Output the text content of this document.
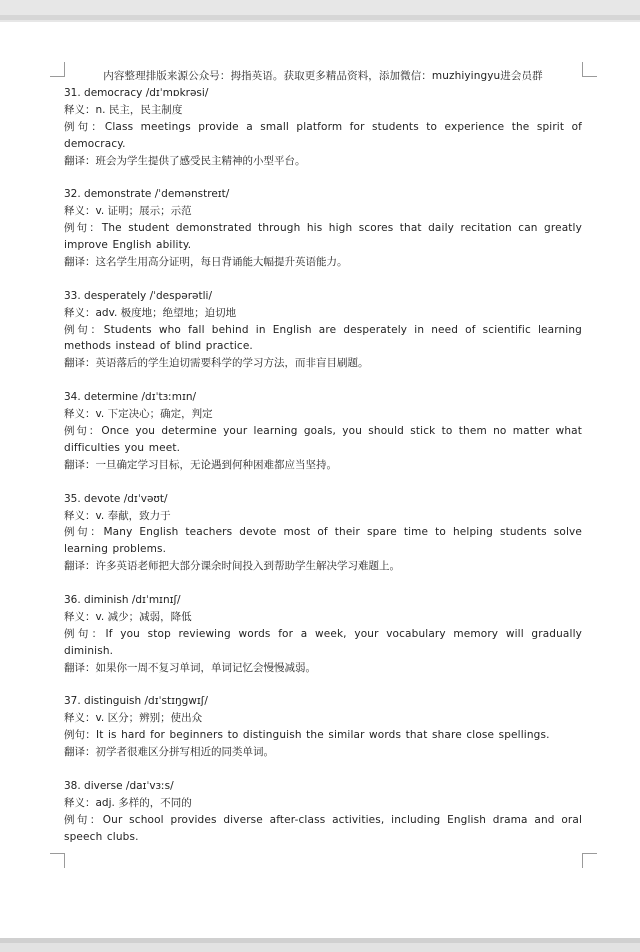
内容整理排版来源公众号：拇指英语。获取更多精品资料，添加微信：muzhiyingyu进会员群
31. democracy /dɪˈmɒkrəsi/
释义：n. 民主，民主制度
例句：Class meetings provide a small platform for students to experience the spirit of democracy.
翻译：班会为学生提供了感受民主精神的小型平台。
32. demonstrate /ˈdemənstreɪt/
释义：v. 证明；展示；示范
例句：The student demonstrated through his high scores that daily recitation can greatly improve English ability.
翻译：这名学生用高分证明，每日背诵能大幅提升英语能力。
33. desperately /ˈdespərətli/
释义：adv. 极度地；绝望地；迫切地
例句：Students who fall behind in English are desperately in need of scientific learning methods instead of blind practice.
翻译：英语落后的学生迫切需要科学的学习方法，而非盲目刷题。
34. determine /dɪˈtɜːmɪn/
释义：v. 下定决心；确定，判定
例句：Once you determine your learning goals, you should stick to them no matter what difficulties you meet.
翻译：一旦确定学习目标，无论遇到何种困难都应当坚持。
35. devote /dɪˈvəʊt/
释义：v. 奉献，致力于
例句：Many English teachers devote most of their spare time to helping students solve learning problems.
翻译：许多英语老师把大部分课余时间投入到帮助学生解决学习难题上。
36. diminish /dɪˈmɪnɪʃ/
释义：v. 减少；减弱，降低
例句：If you stop reviewing words for a week, your vocabulary memory will gradually diminish.
翻译：如果你一周不复习单词，单词记忆会慢慢减弱。
37. distinguish /dɪˈstɪŋɡwɪʃ/
释义：v. 区分；辨别；使出众
例句：It is hard for beginners to distinguish the similar words that share close spellings.
翻译：初学者很难区分拼写相近的同类单词。
38. diverse /daɪˈvɜːs/
释义：adj. 多样的，不同的
例句：Our school provides diverse after-class activities, including English drama and oral speech clubs.
